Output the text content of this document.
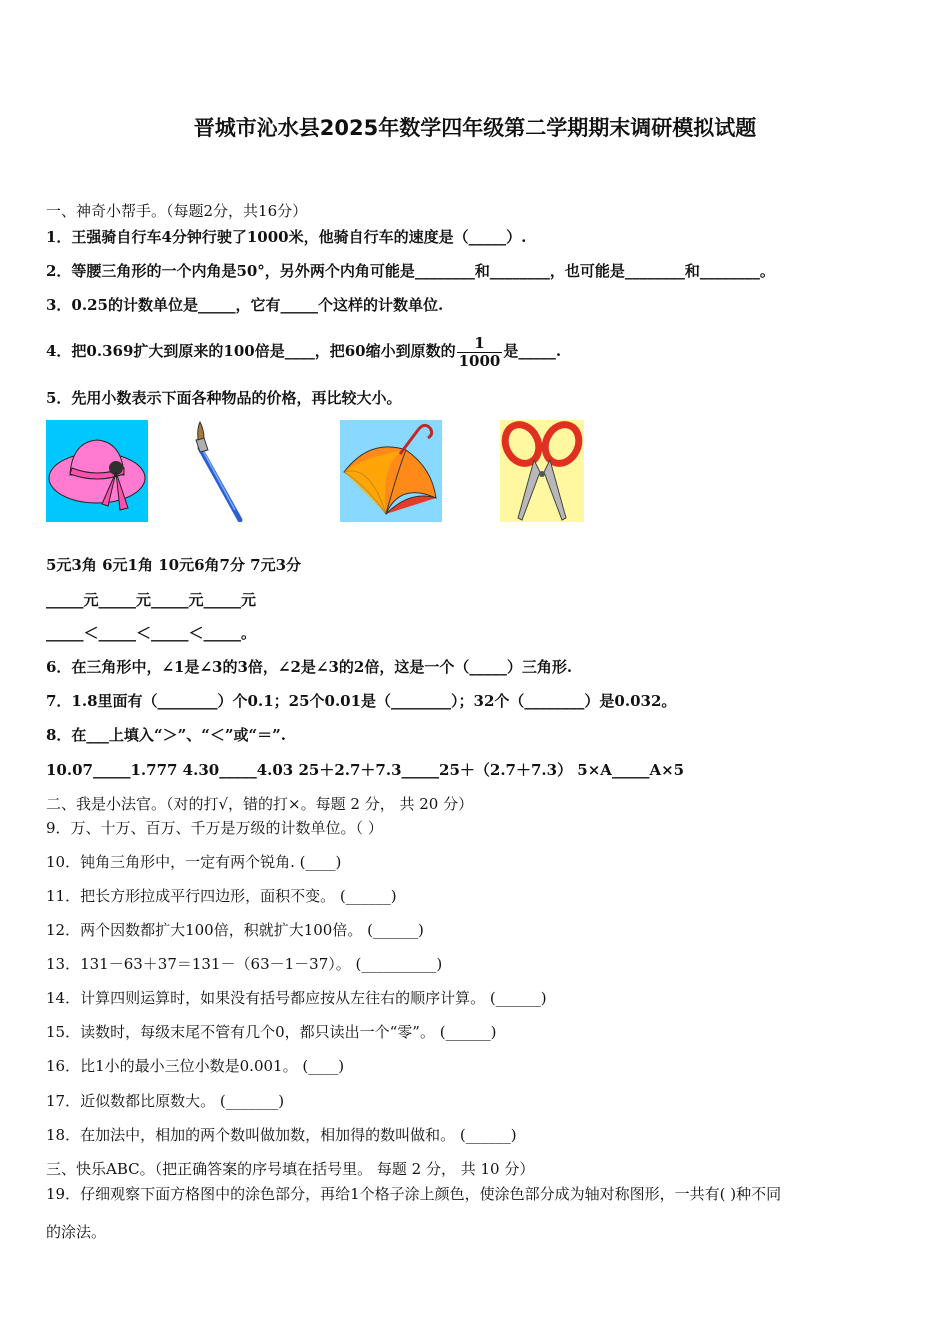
晋城市沁水县2025年数学四年级第二学期期末调研模拟试题
一、神奇小帮手。（每题2分，共16分）
1．王强骑自行车4分钟行驶了1000米，他骑自行车的速度是（_____）.
2．等腰三角形的一个内角是50°，另外两个内角可能是________和________，也可能是________和________。
3．0.25的计数单位是_____，它有_____个这样的计数单位.
4．把0.369扩大到原来的100倍是____，把60缩小到原数的 $\frac{1}{1000}$ 是_____.
5．先用小数表示下面各种物品的价格，再比较大小。
5元3角 6元1角 10元6角7分 7元3分
_____元_____元_____元_____元
_____＜_____＜_____＜_____。
6．在三角形中，∠1是∠3的3倍，∠2是∠3的2倍，这是一个（_____）三角形.
7．1.8里面有（________）个0.1；25个0.01是（________）；32个（________）是0.032。
8．在___上填入“＞”、“＜”或“＝”.
10.07_____1.777 4.30_____4.03 25＋2.7＋7.3_____25＋（2.7＋7.3） 5×A_____A×5
二、我是小法官。（对的打√，错的打×。每题 2 分， 共 20 分）
9．万、十万、百万、千万是万级的计数单位。（ ）
10．钝角三角形中，一定有两个锐角. (____)
11．把长方形拉成平行四边形，面积不变。 (______)
12．两个因数都扩大100倍，积就扩大100倍。 (______)
13．131－63＋37＝131－（63－1－37）。 (__________)
14．计算四则运算时，如果没有括号都应按从左往右的顺序计算。 (______)
15．读数时，每级末尾不管有几个0，都只读出一个“零”。 (______)
16．比1小的最小三位小数是0.001。 (____)
17．近似数都比原数大。 (_______)
18．在加法中，相加的两个数叫做加数，相加得的数叫做和。 (______)
三、快乐ABC。（把正确答案的序号填在括号里。 每题 2 分， 共 10 分）
19．仔细观察下面方格图中的涂色部分，再给1个格子涂上颜色，使涂色部分成为轴对称图形，一共有( )种不同
的涂法。
